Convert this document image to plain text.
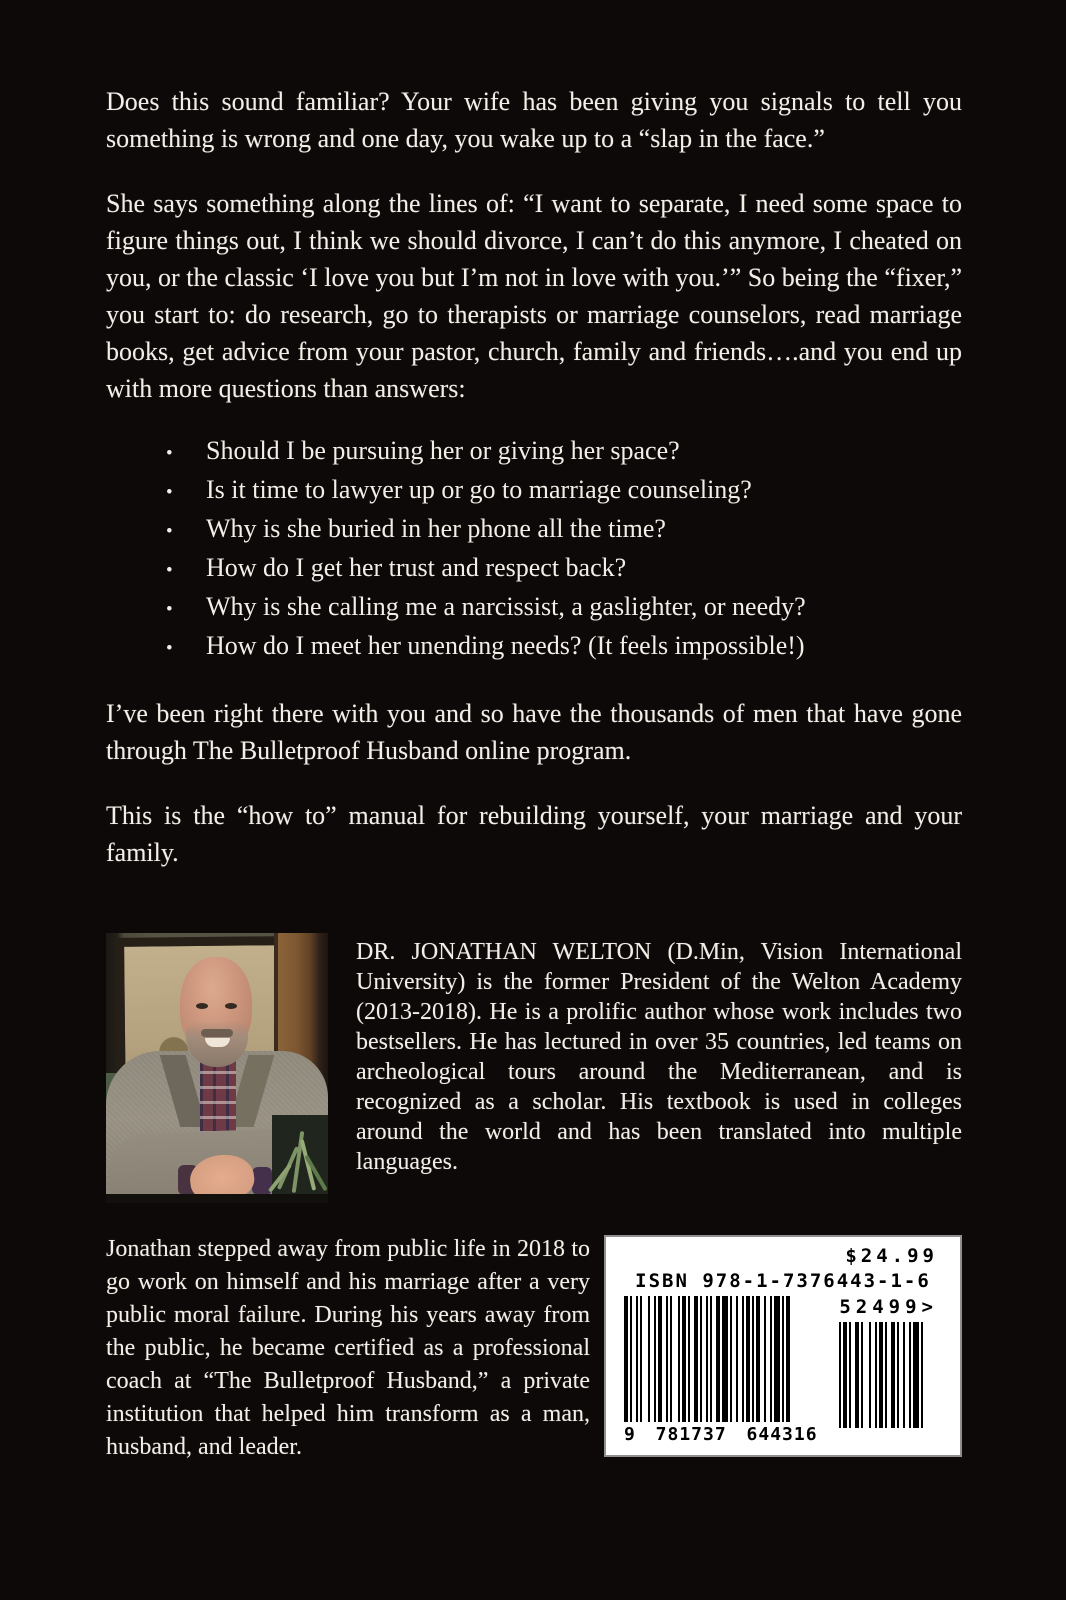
Does this sound familiar? Your wife has been giving you signals to tell you something is wrong and one day, you wake up to a “slap in the face.”

She says something along the lines of: “I want to separate, I need some space to figure things out, I think we should divorce, I can’t do this anymore, I cheated on you, or the classic ‘I love you but I’m not in love with you.’” So being the “fixer,” you start to: do research, go to therapists or marriage counselors, read marriage books, get advice from your pastor, church, family and friends….and you end up with more questions than answers:

•	Should I be pursuing her or giving her space?
•	Is it time to lawyer up or go to marriage counseling?
•	Why is she buried in her phone all the time?
•	How do I get her trust and respect back?
•	Why is she calling me a narcissist, a gaslighter, or needy?
•	How do I meet her unending needs? (It feels impossible!)

I’ve been right there with you and so have the thousands of men that have gone through The Bulletproof Husband online program.

This is the “how to” manual for rebuilding yourself, your marriage and your family.

DR. JONATHAN WELTON (D.Min, Vision International University) is the former President of the Welton Academy (2013-2018). He is a prolific author whose work includes two bestsellers. He has lectured in over 35 countries, led teams on archeological tours around the Mediterranean, and is recognized as a scholar. His textbook is used in colleges around the world and has been translated into multiple languages.

Jonathan stepped away from public life in 2018 to go work on himself and his marriage after a very public moral failure. During his years away from the public, he became certified as a professional coach at “The Bulletproof Husband,” a private institution that helped him transform as a man, husband, and leader.

$24.99
ISBN 978-1-7376443-1-6
9 781737 644316
52499>
